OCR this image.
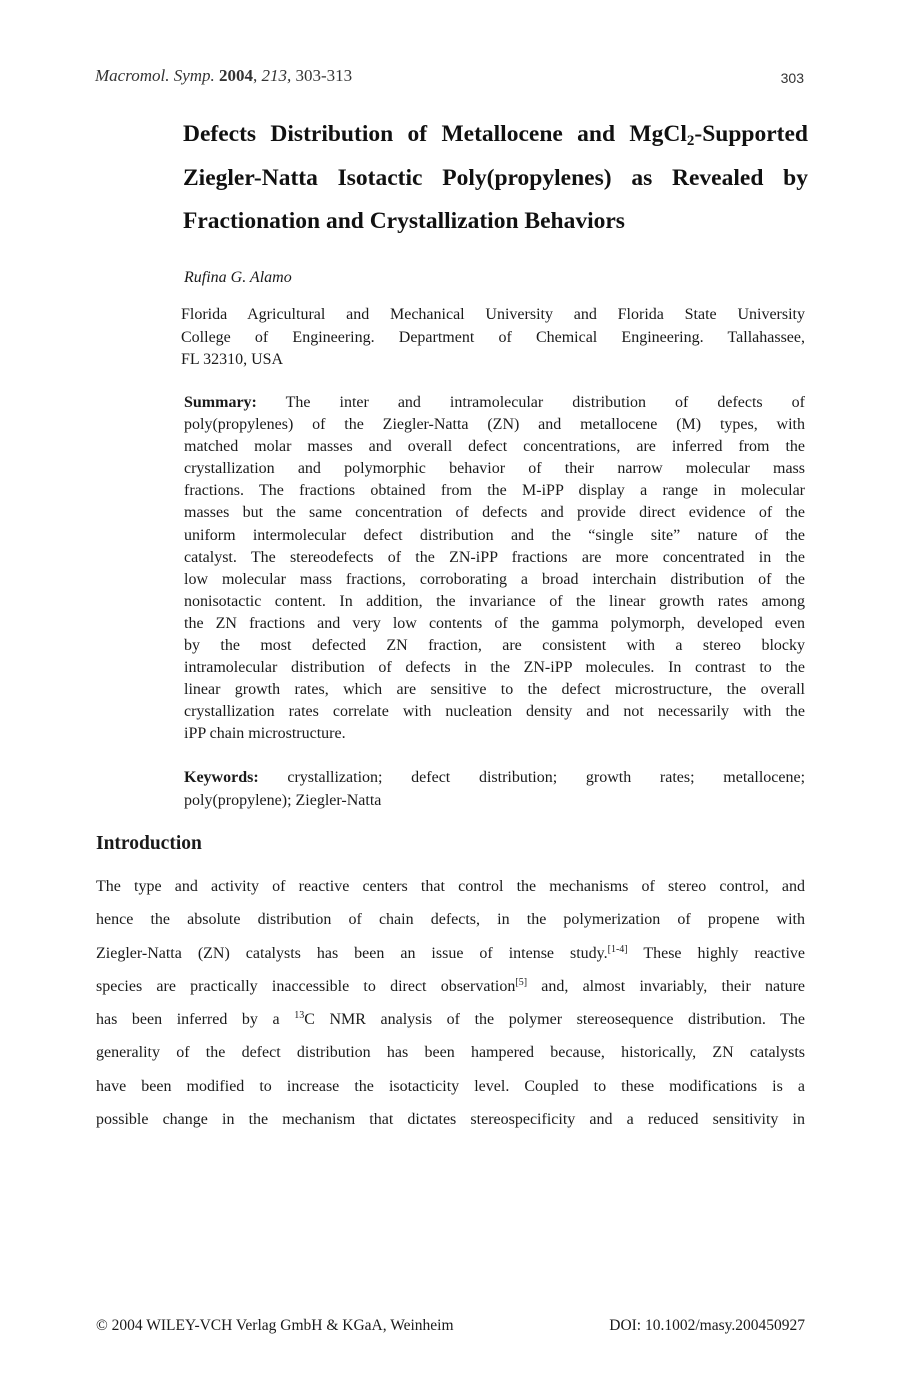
Macromol. Symp. 2004, 213, 303-313	303
Defects Distribution of Metallocene and MgCl$_2$-Supported
Ziegler-Natta Isotactic Poly(propylenes) as Revealed by
Fractionation and Crystallization Behaviors
Rufina G. Alamo
Florida Agricultural and Mechanical University and Florida State University
College of Engineering. Department of Chemical Engineering. Tallahassee,
FL 32310, USA
Summary: The inter and intramolecular distribution of defects of
poly(propylenes) of the Ziegler-Natta (ZN) and metallocene (M) types, with
matched molar masses and overall defect concentrations, are inferred from the
crystallization and polymorphic behavior of their narrow molecular mass
fractions. The fractions obtained from the M-iPP display a range in molecular
masses but the same concentration of defects and provide direct evidence of the
uniform intermolecular defect distribution and the “single site” nature of the
catalyst. The stereodefects of the ZN-iPP fractions are more concentrated in the
low molecular mass fractions, corroborating a broad interchain distribution of the
nonisotactic content. In addition, the invariance of the linear growth rates among
the ZN fractions and very low contents of the gamma polymorph, developed even
by the most defected ZN fraction, are consistent with a stereo blocky
intramolecular distribution of defects in the ZN-iPP molecules. In contrast to the
linear growth rates, which are sensitive to the defect microstructure, the overall
crystallization rates correlate with nucleation density and not necessarily with the
iPP chain microstructure.
Keywords: crystallization; defect distribution; growth rates; metallocene;
poly(propylene); Ziegler-Natta
Introduction
The type and activity of reactive centers that control the mechanisms of stereo control, and
hence the absolute distribution of chain defects, in the polymerization of propene with
Ziegler-Natta (ZN) catalysts has been an issue of intense study.[1-4] These highly reactive
species are practically inaccessible to direct observation[5] and, almost invariably, their nature
has been inferred by a $^{13}$C NMR analysis of the polymer stereosequence distribution. The
generality of the defect distribution has been hampered because, historically, ZN catalysts
have been modified to increase the isotacticity level. Coupled to these modifications is a
possible change in the mechanism that dictates stereospecificity and a reduced sensitivity in
© 2004 WILEY-VCH Verlag GmbH & KGaA, Weinheim	DOI: 10.1002/masy.200450927
